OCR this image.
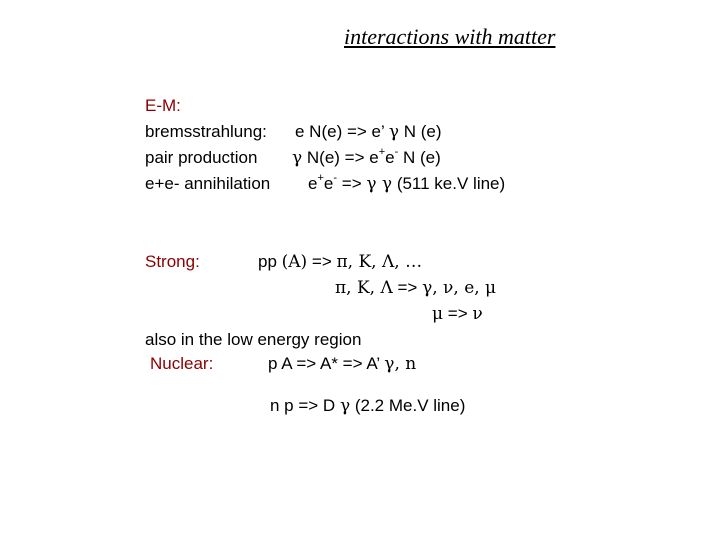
interactions with matter
E-M:
bremsstrahlung: e N(e) => e’ γ N (e)
pair production γ N(e) => e+e- N (e)
e+e- annihilation e+e- => γ γ (511 ke.V line)
Strong:	pp (A) => π, K, Λ, …
π, K, Λ => γ, ν, e, μ
μ => ν
also in the low energy region
Nuclear:	p A => A* => A’ γ, n
n p => D γ (2.2 Me.V line)
